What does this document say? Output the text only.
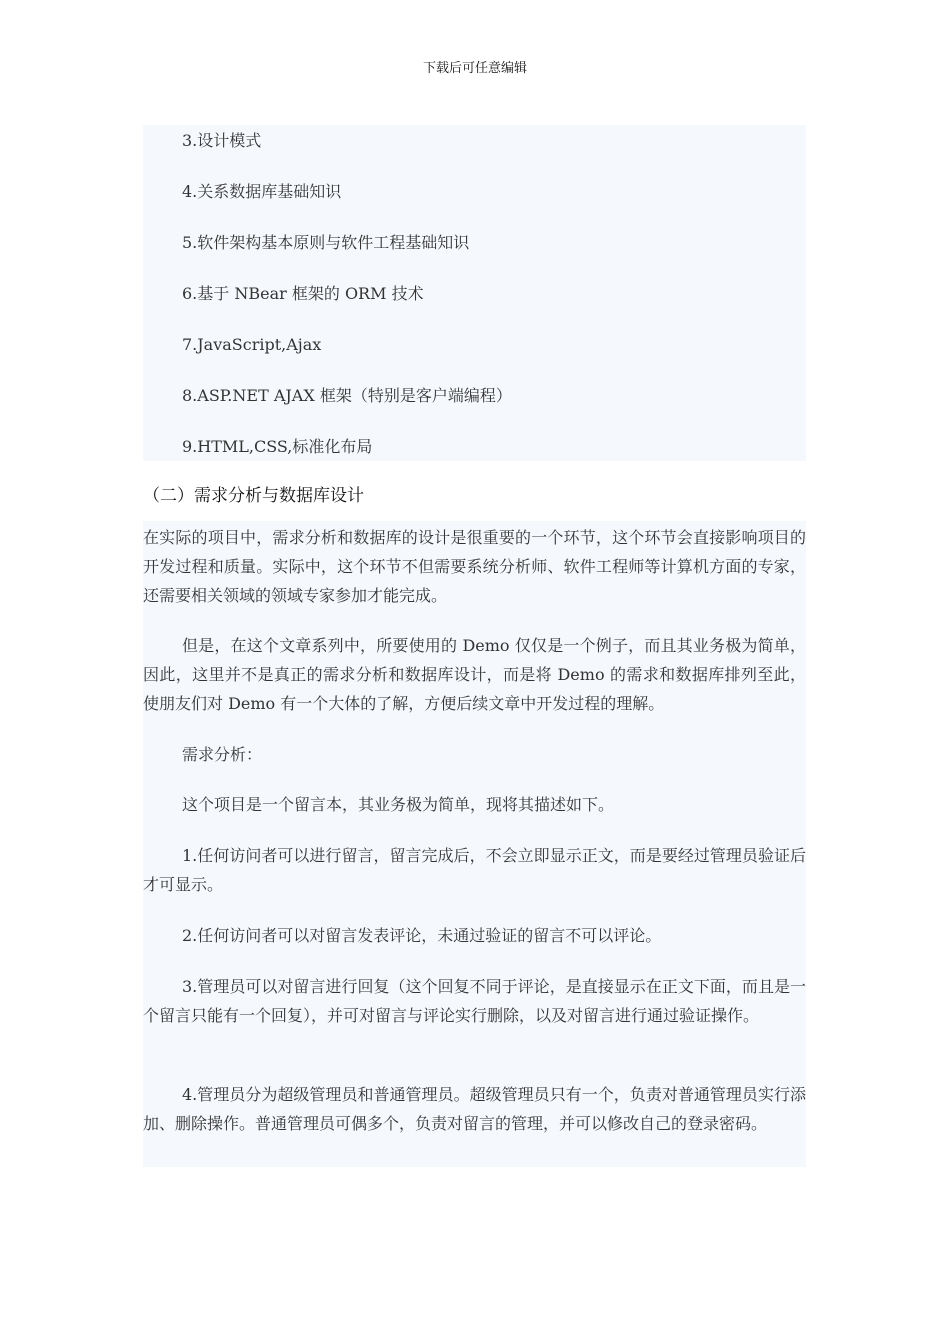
下载后可任意编辑
3.设计模式
4.关系数据库基础知识
5.软件架构基本原则与软件工程基础知识
6.基于 NBear 框架的 ORM 技术
7.JavaScript,Ajax
8.ASP.NET AJAX 框架（特别是客户端编程）
9.HTML,CSS,标准化布局
（二）需求分析与数据库设计

在实际的项目中，需求分析和数据库的设计是很重要的一个环节，这个环节会直接影响项目的开发过程和质量。实际中，这个环节不但需要系统分析师、软件工程师等计算机方面的专家，还需要相关领域的领域专家参加才能完成。

但是，在这个文章系列中，所要使用的 Demo 仅仅是一个例子，而且其业务极为简单，因此，这里并不是真正的需求分析和数据库设计，而是将 Demo 的需求和数据库排列至此，使朋友们对 Demo 有一个大体的了解，方便后续文章中开发过程的理解。

需求分析：

这个项目是一个留言本，其业务极为简单，现将其描述如下。

1.任何访问者可以进行留言，留言完成后，不会立即显示正文，而是要经过管理员验证后才可显示。

2.任何访问者可以对留言发表评论，未通过验证的留言不可以评论。

3.管理员可以对留言进行回复（这个回复不同于评论，是直接显示在正文下面，而且是一个留言只能有一个回复），并可对留言与评论实行删除，以及对留言进行通过验证操作。

4.管理员分为超级管理员和普通管理员。超级管理员只有一个，负责对普通管理员实行添加、删除操作。普通管理员可偶多个，负责对留言的管理，并可以修改自己的登录密码。
